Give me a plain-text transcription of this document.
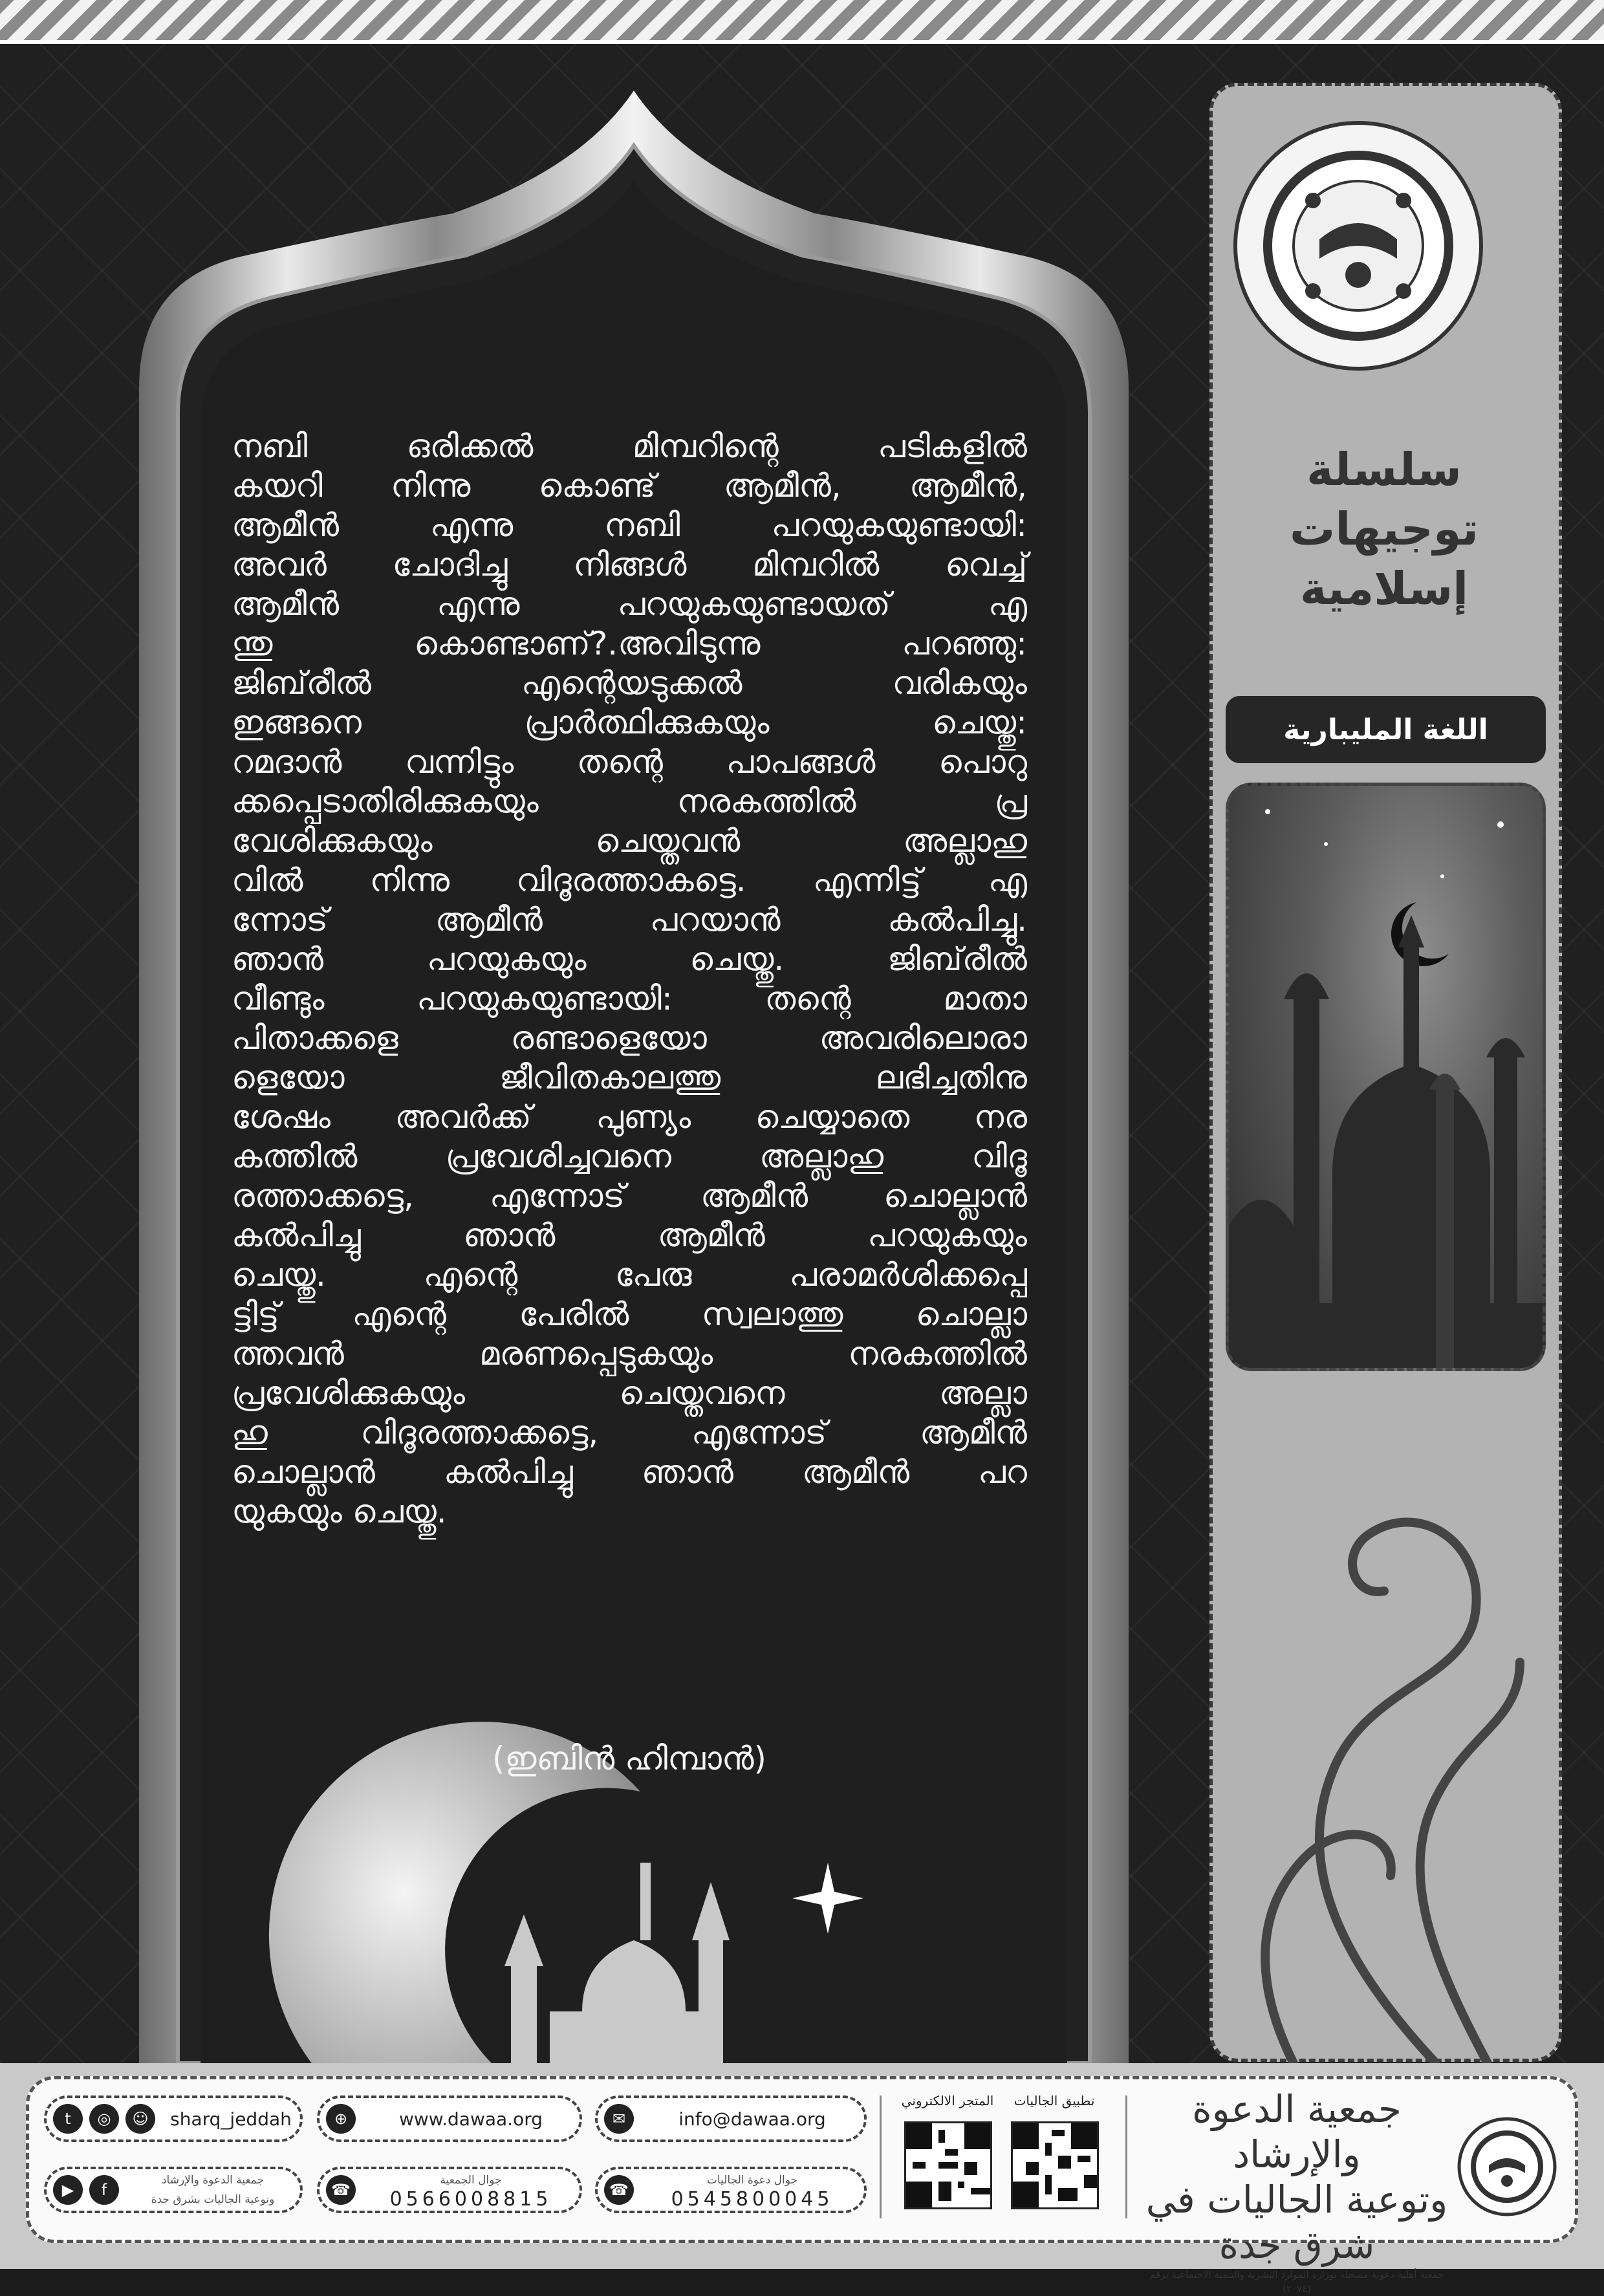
നബി ഒരിക്കൽ മിമ്പറിന്റെ പടികളിൽ
കയറി നിന്നു കൊണ്ട് ആമീൻ, ആമീൻ,
ആമീൻ എന്നു നബി പറയുകയുണ്ടായി:
അവർ ചോദിച്ചു നിങ്ങൾ മിമ്പറിൽ വെച്ച്
ആമീൻ എന്നു പറയുകയുണ്ടായത് എ
ന്തു കൊണ്ടാണ്?.അവിടുന്നു പറഞ്ഞു:
ജിബ്‌രീൽ എന്റെയടുക്കൽ വരികയും
ഇങ്ങനെ പ്രാർത്ഥിക്കുകയും ചെയ്തു:
റമദാൻ വന്നിട്ടും തന്റെ പാപങ്ങൾ പൊറു
ക്കപ്പെടാതിരിക്കുകയും നരകത്തിൽ പ്ര
വേശിക്കുകയും ചെയ്തവൻ അല്ലാഹു
വിൽ നിന്നു വിദൂരത്താകട്ടെ. എന്നിട്ട് എ
ന്നോട് ആമീൻ പറയാൻ കൽപിച്ചു.
ഞാൻ പറയുകയും ചെയ്തു. ജിബ്‌രീൽ
വീണ്ടും പറയുകയുണ്ടായി: തന്റെ മാതാ
പിതാക്കളെ രണ്ടാളെയോ അവരിലൊരാ
ളെയോ ജീവിതകാലത്തു ലഭിച്ചതിനു
ശേഷം അവർക്ക് പുണ്യം ചെയ്യാതെ നര
കത്തിൽ പ്രവേശിച്ചവനെ അല്ലാഹു വിദൂ
രത്താക്കട്ടെ, എന്നോട് ആമീൻ ചൊല്ലാൻ
കൽപിച്ചു ഞാൻ ആമീൻ പറയുകയും
ചെയ്തു. എന്റെ പേരു പരാമർശിക്കപ്പെ
ട്ടിട്ട് എന്റെ പേരിൽ സ്വലാത്തു ചൊല്ലാ
ത്തവൻ മരണപ്പെടുകയും നരകത്തിൽ
പ്രവേശിക്കുകയും ചെയ്തവനെ അല്ലാ
ഹു വിദൂരത്താക്കട്ടെ, എന്നോട് ആമീൻ
ചൊല്ലാൻ കൽപിച്ചു ഞാൻ ആമീൻ പറ
യുകയും ചെയ്തു.
(ഇബിൻ ഹിമ്പാൻ)
سلسلة
توجيهات
إسلامية
اللغة المليبارية
t	◎	☺	sharq_jeddah
▶	f
جمعية الدعوة والإرشاد
وتوعية الجاليات بشرق جدة
⊕	www.dawaa.org
☎
جوال الجمعية
0566008815
✉	info@dawaa.org
☎
جوال دعوة الجاليات
0545800045
المتجر الالكتروني	تطبيق الجاليات	جمعية الدعوة والإرشاد
وتوعية الجاليات في شرق جدة
جمعية أهلية دعوية مسجلة بوزارة الموارد البشرية والتنمية الاجتماعية برقم (٢٠٧٤)
